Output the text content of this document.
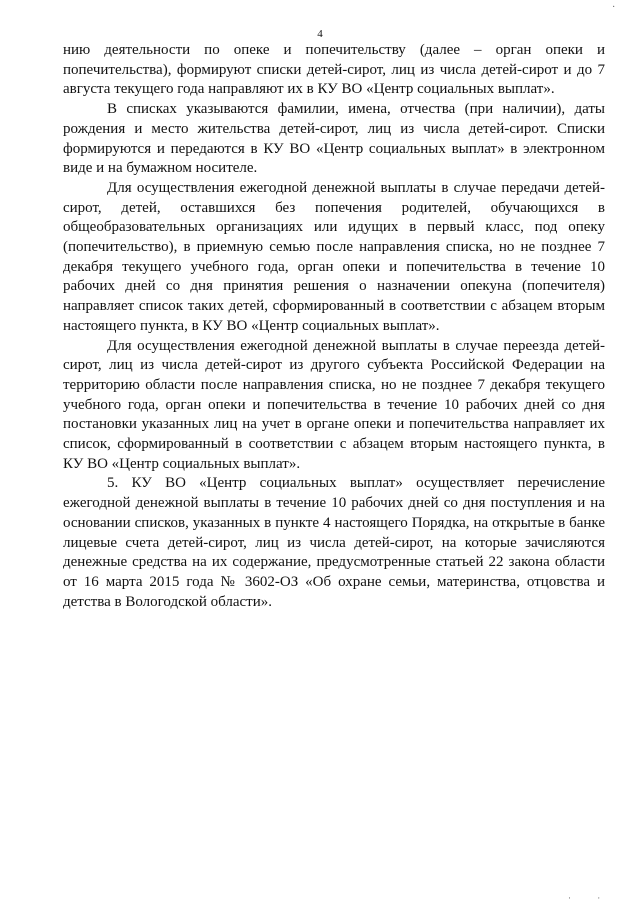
·
4

нию деятельности по опеке и попечительству (далее – орган опеки и попечительства), формируют списки детей-сирот, лиц из числа детей-сирот и до 7 августа текущего года направляют их в КУ ВО «Центр социальных выплат».

В списках указываются фамилии, имена, отчества (при наличии), даты рождения и место жительства детей-сирот, лиц из числа детей-сирот. Списки формируются и передаются в КУ ВО «Центр социальных выплат» в электронном виде и на бумажном носителе.

Для осуществления ежегодной денежной выплаты в случае передачи детей-сирот, детей, оставшихся без попечения родителей, обучающихся в общеобразовательных организациях или идущих в первый класс, под опеку (попечительство), в приемную семью после направления списка, но не позднее 7 декабря текущего учебного года, орган опеки и попечительства в течение 10 рабочих дней со дня принятия решения о назначении опекуна (попечителя) направляет список таких детей, сформированный в соответствии с абзацем вторым настоящего пункта, в КУ ВО «Центр социальных выплат».

Для осуществления ежегодной денежной выплаты в случае переезда детей-сирот, лиц из числа детей-сирот из другого субъекта Российской Федерации на территорию области после направления списка, но не позднее 7 декабря текущего учебного года, орган опеки и попечительства в течение 10 рабочих дней со дня постановки указанных лиц на учет в органе опеки и попечительства направляет их список, сформированный в соответствии с абзацем вторым настоящего пункта, в КУ ВО «Центр социальных выплат».

5. КУ ВО «Центр социальных выплат» осуществляет перечисление ежегодной денежной выплаты в течение 10 рабочих дней со дня поступления и на основании списков, указанных в пункте 4 настоящего Порядка, на открытые в банке лицевые счета детей-сирот, лиц из числа детей-сирот, на которые зачисляются денежные средства на их содержание, предусмотренные статьей 22 закона области от 16 марта 2015 года № 3602-ОЗ «Об охране семьи, материнства, отцовства и детства в Вологодской области».

· ·
